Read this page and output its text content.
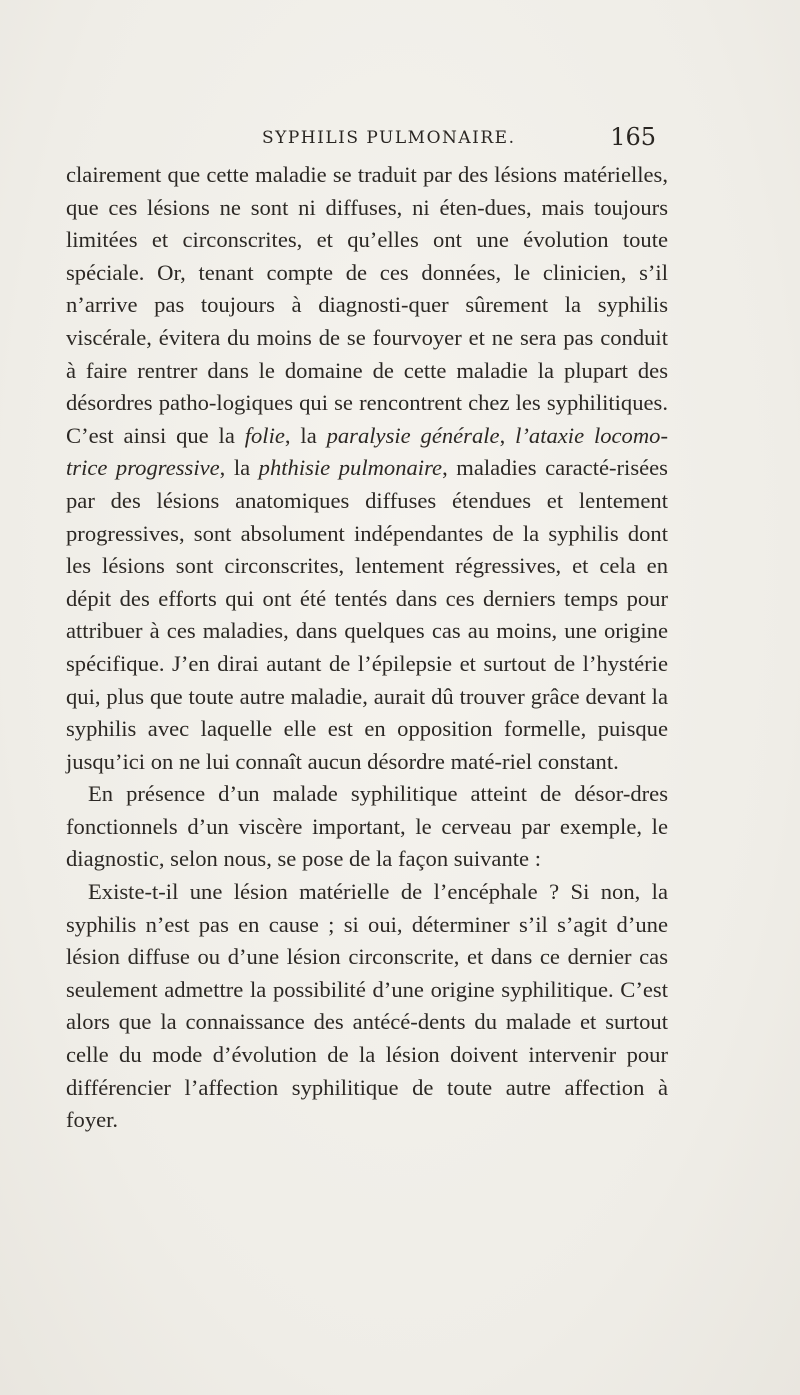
SYPHILIS PULMONAIRE.	165

clairement que cette maladie se traduit par des lésions matérielles, que ces lésions ne sont ni diffuses, ni éten-dues, mais toujours limitées et circonscrites, et qu’elles ont une évolution toute spéciale. Or, tenant compte de ces données, le clinicien, s’il n’arrive pas toujours à diagnosti-quer sûrement la syphilis viscérale, évitera du moins de se fourvoyer et ne sera pas conduit à faire rentrer dans le domaine de cette maladie la plupart des désordres patho-logiques qui se rencontrent chez les syphilitiques. C’est ainsi que la folie, la paralysie générale, l’ataxie locomo-trice progressive, la phthisie pulmonaire, maladies caracté-risées par des lésions anatomiques diffuses étendues et lentement progressives, sont absolument indépendantes de la syphilis dont les lésions sont circonscrites, lentement régressives, et cela en dépit des efforts qui ont été tentés dans ces derniers temps pour attribuer à ces maladies, dans quelques cas au moins, une origine spécifique. J’en dirai autant de l’épilepsie et surtout de l’hystérie qui, plus que toute autre maladie, aurait dû trouver grâce devant la syphilis avec laquelle elle est en opposition formelle, puisque jusqu’ici on ne lui connaît aucun désordre maté-riel constant.

En présence d’un malade syphilitique atteint de désor-dres fonctionnels d’un viscère important, le cerveau par exemple, le diagnostic, selon nous, se pose de la façon suivante :

Existe-t-il une lésion matérielle de l’encéphale ? Si non, la syphilis n’est pas en cause ; si oui, déterminer s’il s’agit d’une lésion diffuse ou d’une lésion circonscrite, et dans ce dernier cas seulement admettre la possibilité d’une origine syphilitique. C’est alors que la connaissance des antécé-dents du malade et surtout celle du mode d’évolution de la lésion doivent intervenir pour différencier l’affection syphilitique de toute autre affection à foyer.
